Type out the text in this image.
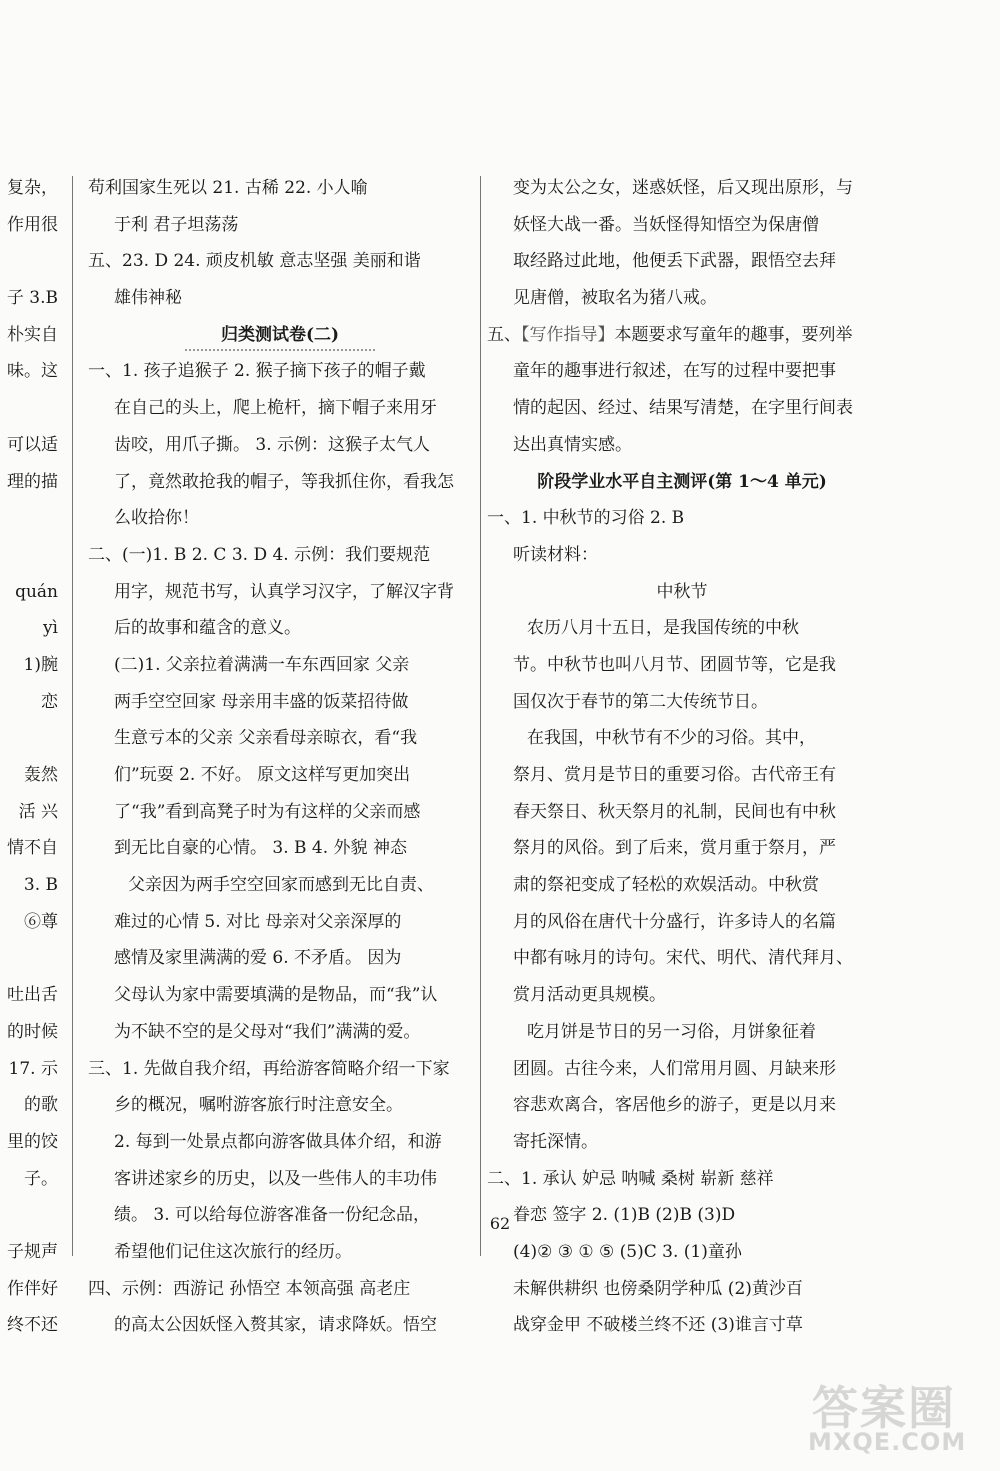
复杂，

作用很

子 3.B

朴实自

味。这

可以适

理的描

quán

yì

1)腕

恋

轰然

活 兴

情不自

3. B

⑥尊

吐出舌

的时候

17. 示

的歌

里的饺

子。

子规声

作伴好

终不还

苟利国家生死以 21. 古稀 22. 小人喻

于利 君子坦荡荡

五、23. D 24. 顽皮机敏 意志坚强 美丽和谐

雄伟神秘

归类测试卷(二)

一、1. 孩子追猴子 2. 猴子摘下孩子的帽子戴

在自己的头上，爬上桅杆，摘下帽子来用牙

齿咬，用爪子撕。 3. 示例：这猴子太气人

了，竟然敢抢我的帽子，等我抓住你，看我怎

么收拾你！

二、(一)1. B 2. C 3. D 4. 示例：我们要规范

用字，规范书写，认真学习汉字，了解汉字背

后的故事和蕴含的意义。

(二)1. 父亲拉着满满一车东西回家 父亲

两手空空回家 母亲用丰盛的饭菜招待做

生意亏本的父亲 父亲看母亲晾衣，看“我

们”玩耍 2. 不好。 原文这样写更加突出

了“我”看到高凳子时为有这样的父亲而感

到无比自豪的心情。 3. B 4. 外貌 神态

父亲因为两手空空回家而感到无比自责、

难过的心情 5. 对比 母亲对父亲深厚的

感情及家里满满的爱 6. 不矛盾。 因为

父母认为家中需要填满的是物品，而“我”认

为不缺不空的是父母对“我们”满满的爱。

三、1. 先做自我介绍，再给游客简略介绍一下家

乡的概况，嘱咐游客旅行时注意安全。

2. 每到一处景点都向游客做具体介绍，和游

客讲述家乡的历史，以及一些伟人的丰功伟

绩。 3. 可以给每位游客准备一份纪念品，

希望他们记住这次旅行的经历。

四、示例：西游记 孙悟空 本领高强 高老庄

的高太公因妖怪入赘其家，请求降妖。悟空

变为太公之女，迷惑妖怪，后又现出原形，与

妖怪大战一番。当妖怪得知悟空为保唐僧

取经路过此地，他便丢下武器，跟悟空去拜

见唐僧，被取名为猪八戒。

五、【写作指导】本题要求写童年的趣事，要列举

童年的趣事进行叙述，在写的过程中要把事

情的起因、经过、结果写清楚，在字里行间表

达出真情实感。

阶段学业水平自主测评(第 1～4 单元)

一、1. 中秋节的习俗 2. B

听读材料：

中秋节

农历八月十五日，是我国传统的中秋

节。中秋节也叫八月节、团圆节等，它是我

国仅次于春节的第二大传统节日。

在我国，中秋节有不少的习俗。其中，

祭月、赏月是节日的重要习俗。古代帝王有

春天祭日、秋天祭月的礼制，民间也有中秋

祭月的风俗。到了后来，赏月重于祭月，严

肃的祭祀变成了轻松的欢娱活动。中秋赏

月的风俗在唐代十分盛行，许多诗人的名篇

中都有咏月的诗句。宋代、明代、清代拜月、

赏月活动更具规模。

吃月饼是节日的另一习俗，月饼象征着

团圆。古往今来，人们常用月圆、月缺来形

容悲欢离合，客居他乡的游子，更是以月来

寄托深情。

二、1. 承认 妒忌 呐喊 桑树 崭新 慈祥

眷恋 签字 2. (1)B (2)B (3)D

(4)② ③ ① ⑤ (5)C 3. (1)童孙

未解供耕织 也傍桑阴学种瓜 (2)黄沙百

战穿金甲 不破楼兰终不还 (3)谁言寸草

62
答案圈
MXQE.COM
